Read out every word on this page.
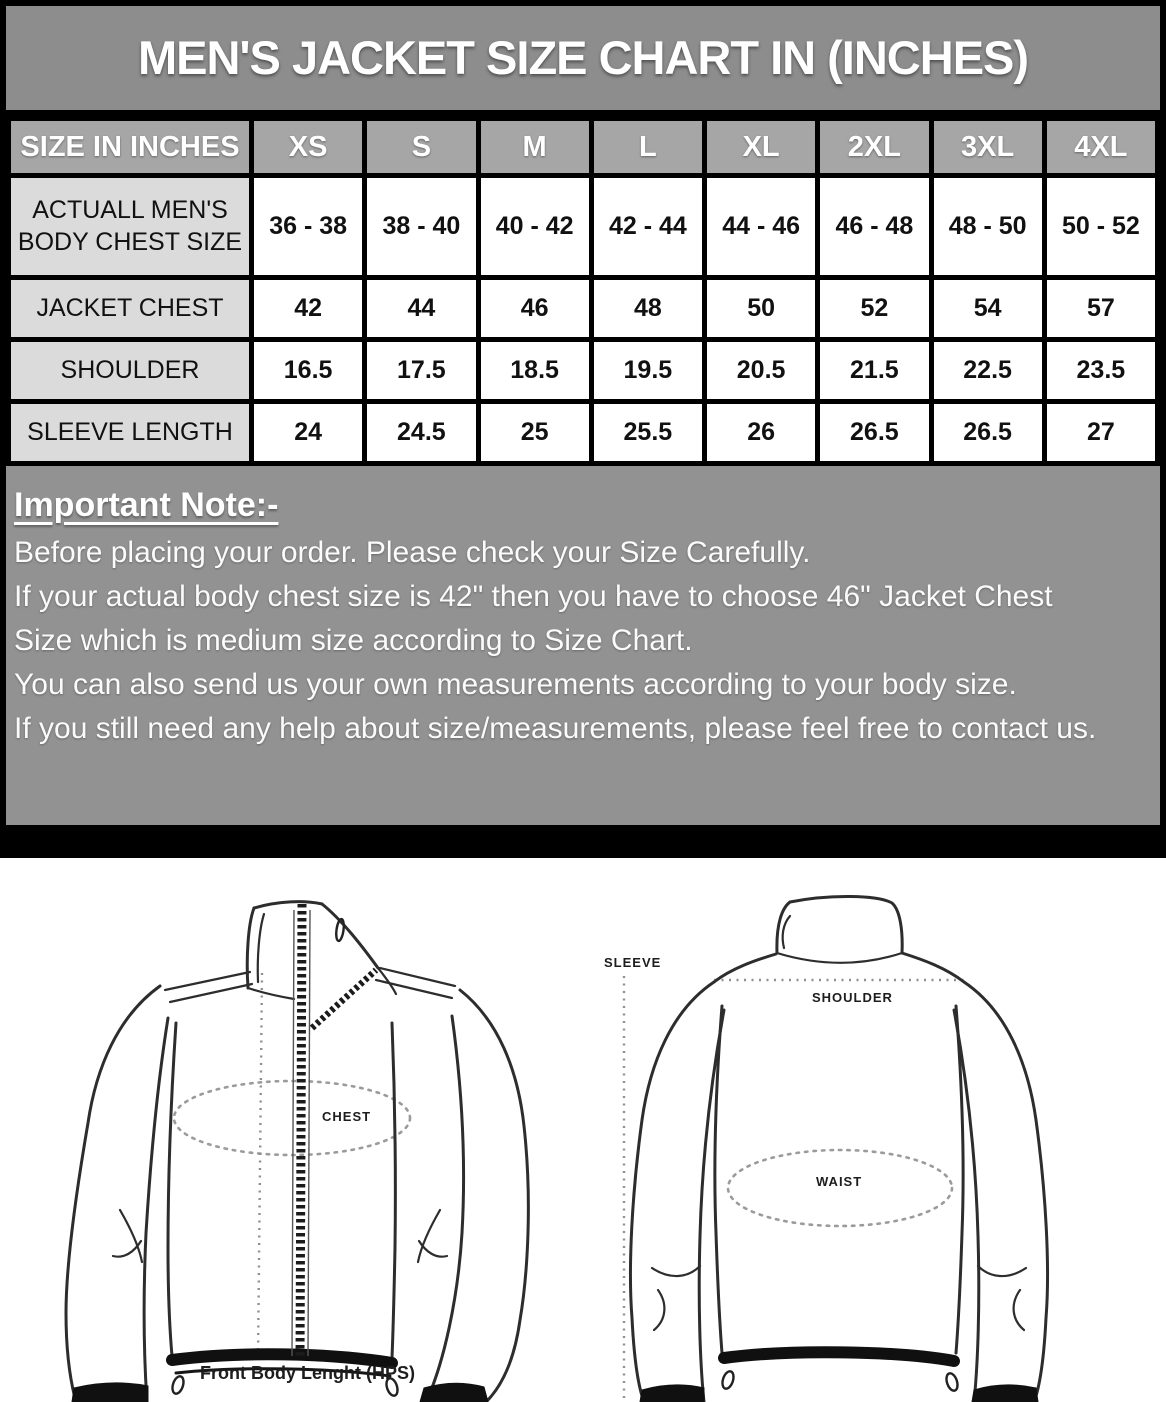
MEN'S JACKET SIZE CHART IN (INCHES)
SIZE IN INCHES	XS	S	M	L	XL	2XL	3XL	4XL
ACTUALL MEN'S BODY CHEST SIZE	36 - 38	38 - 40	40 - 42	42 - 44	44 - 46	46 - 48	48 - 50	50 - 52
JACKET CHEST	42	44	46	48	50	52	54	57
SHOULDER	16.5	17.5	18.5	19.5	20.5	21.5	22.5	23.5
SLEEVE LENGTH	24	24.5	25	25.5	26	26.5	26.5	27
Important Note:-
Before placing your order. Please check your Size Carefully.
If your actual body chest size is 42" then you have to choose 46" Jacket Chest Size which is medium size according to Size Chart.
You can also send us your own measurements according to your body size.
If you still need any help about size/measurements, please feel free to contact us.
CHEST
Front Body Lenght (HPS)
SLEEVE
SHOULDER
WAIST
